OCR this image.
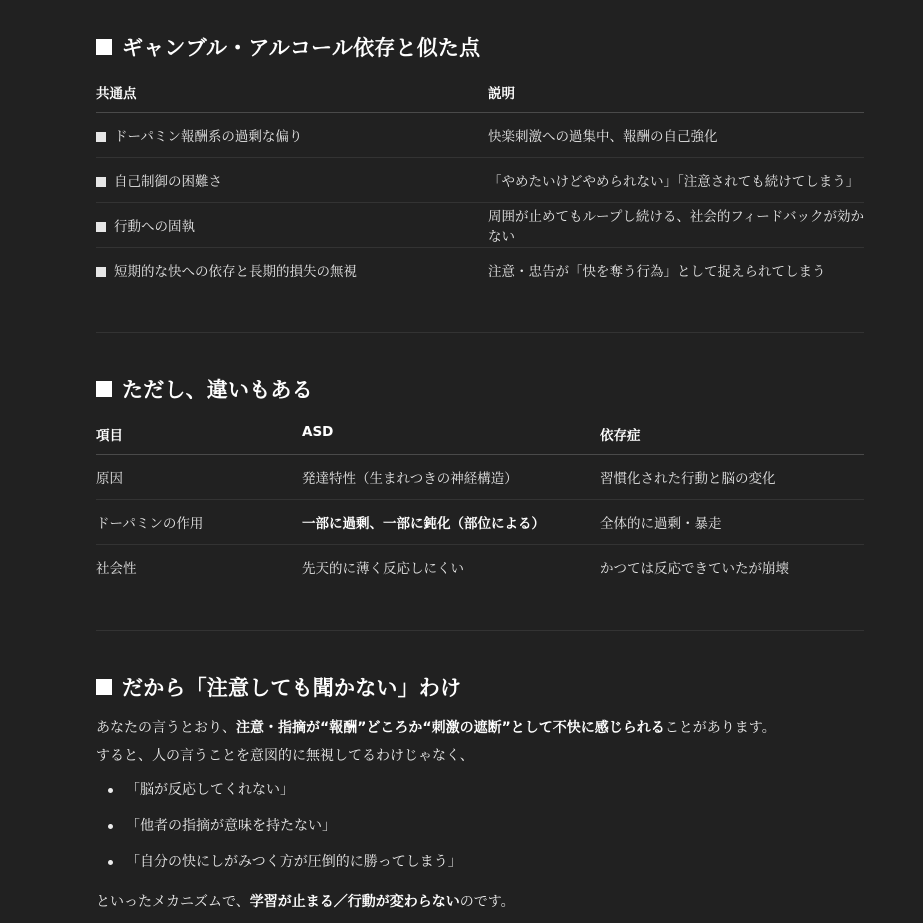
ギャンブル・アルコール依存と似た点
共通点	説明
ドーパミン報酬系の過剰な偏り	快楽刺激への過集中、報酬の自己強化
自己制御の困難さ	「やめたいけどやめられない」「注意されても続けてしまう」
行動への固執	周囲が止めてもループし続ける、社会的フィードバックが効かない
短期的な快への依存と長期的損失の無視	注意・忠告が「快を奪う行為」として捉えられてしまう
ただし、違いもある
項目	ASD	依存症
原因	発達特性（生まれつきの神経構造）	習慣化された行動と脳の変化
ドーパミンの作用	一部に過剰、一部に鈍化（部位による）	全体的に過剰・暴走
社会性	先天的に薄く反応しにくい	かつては反応できていたが崩壊
だから「注意しても聞かない」わけ
あなたの言うとおり、注意・指摘が“報酬”どころか“刺激の遮断”として不快に感じられることがあります。
すると、人の言うことを意図的に無視してるわけじゃなく、
「脳が反応してくれない」
「他者の指摘が意味を持たない」
「自分の快にしがみつく方が圧倒的に勝ってしまう」
といったメカニズムで、学習が止まる／行動が変わらないのです。
